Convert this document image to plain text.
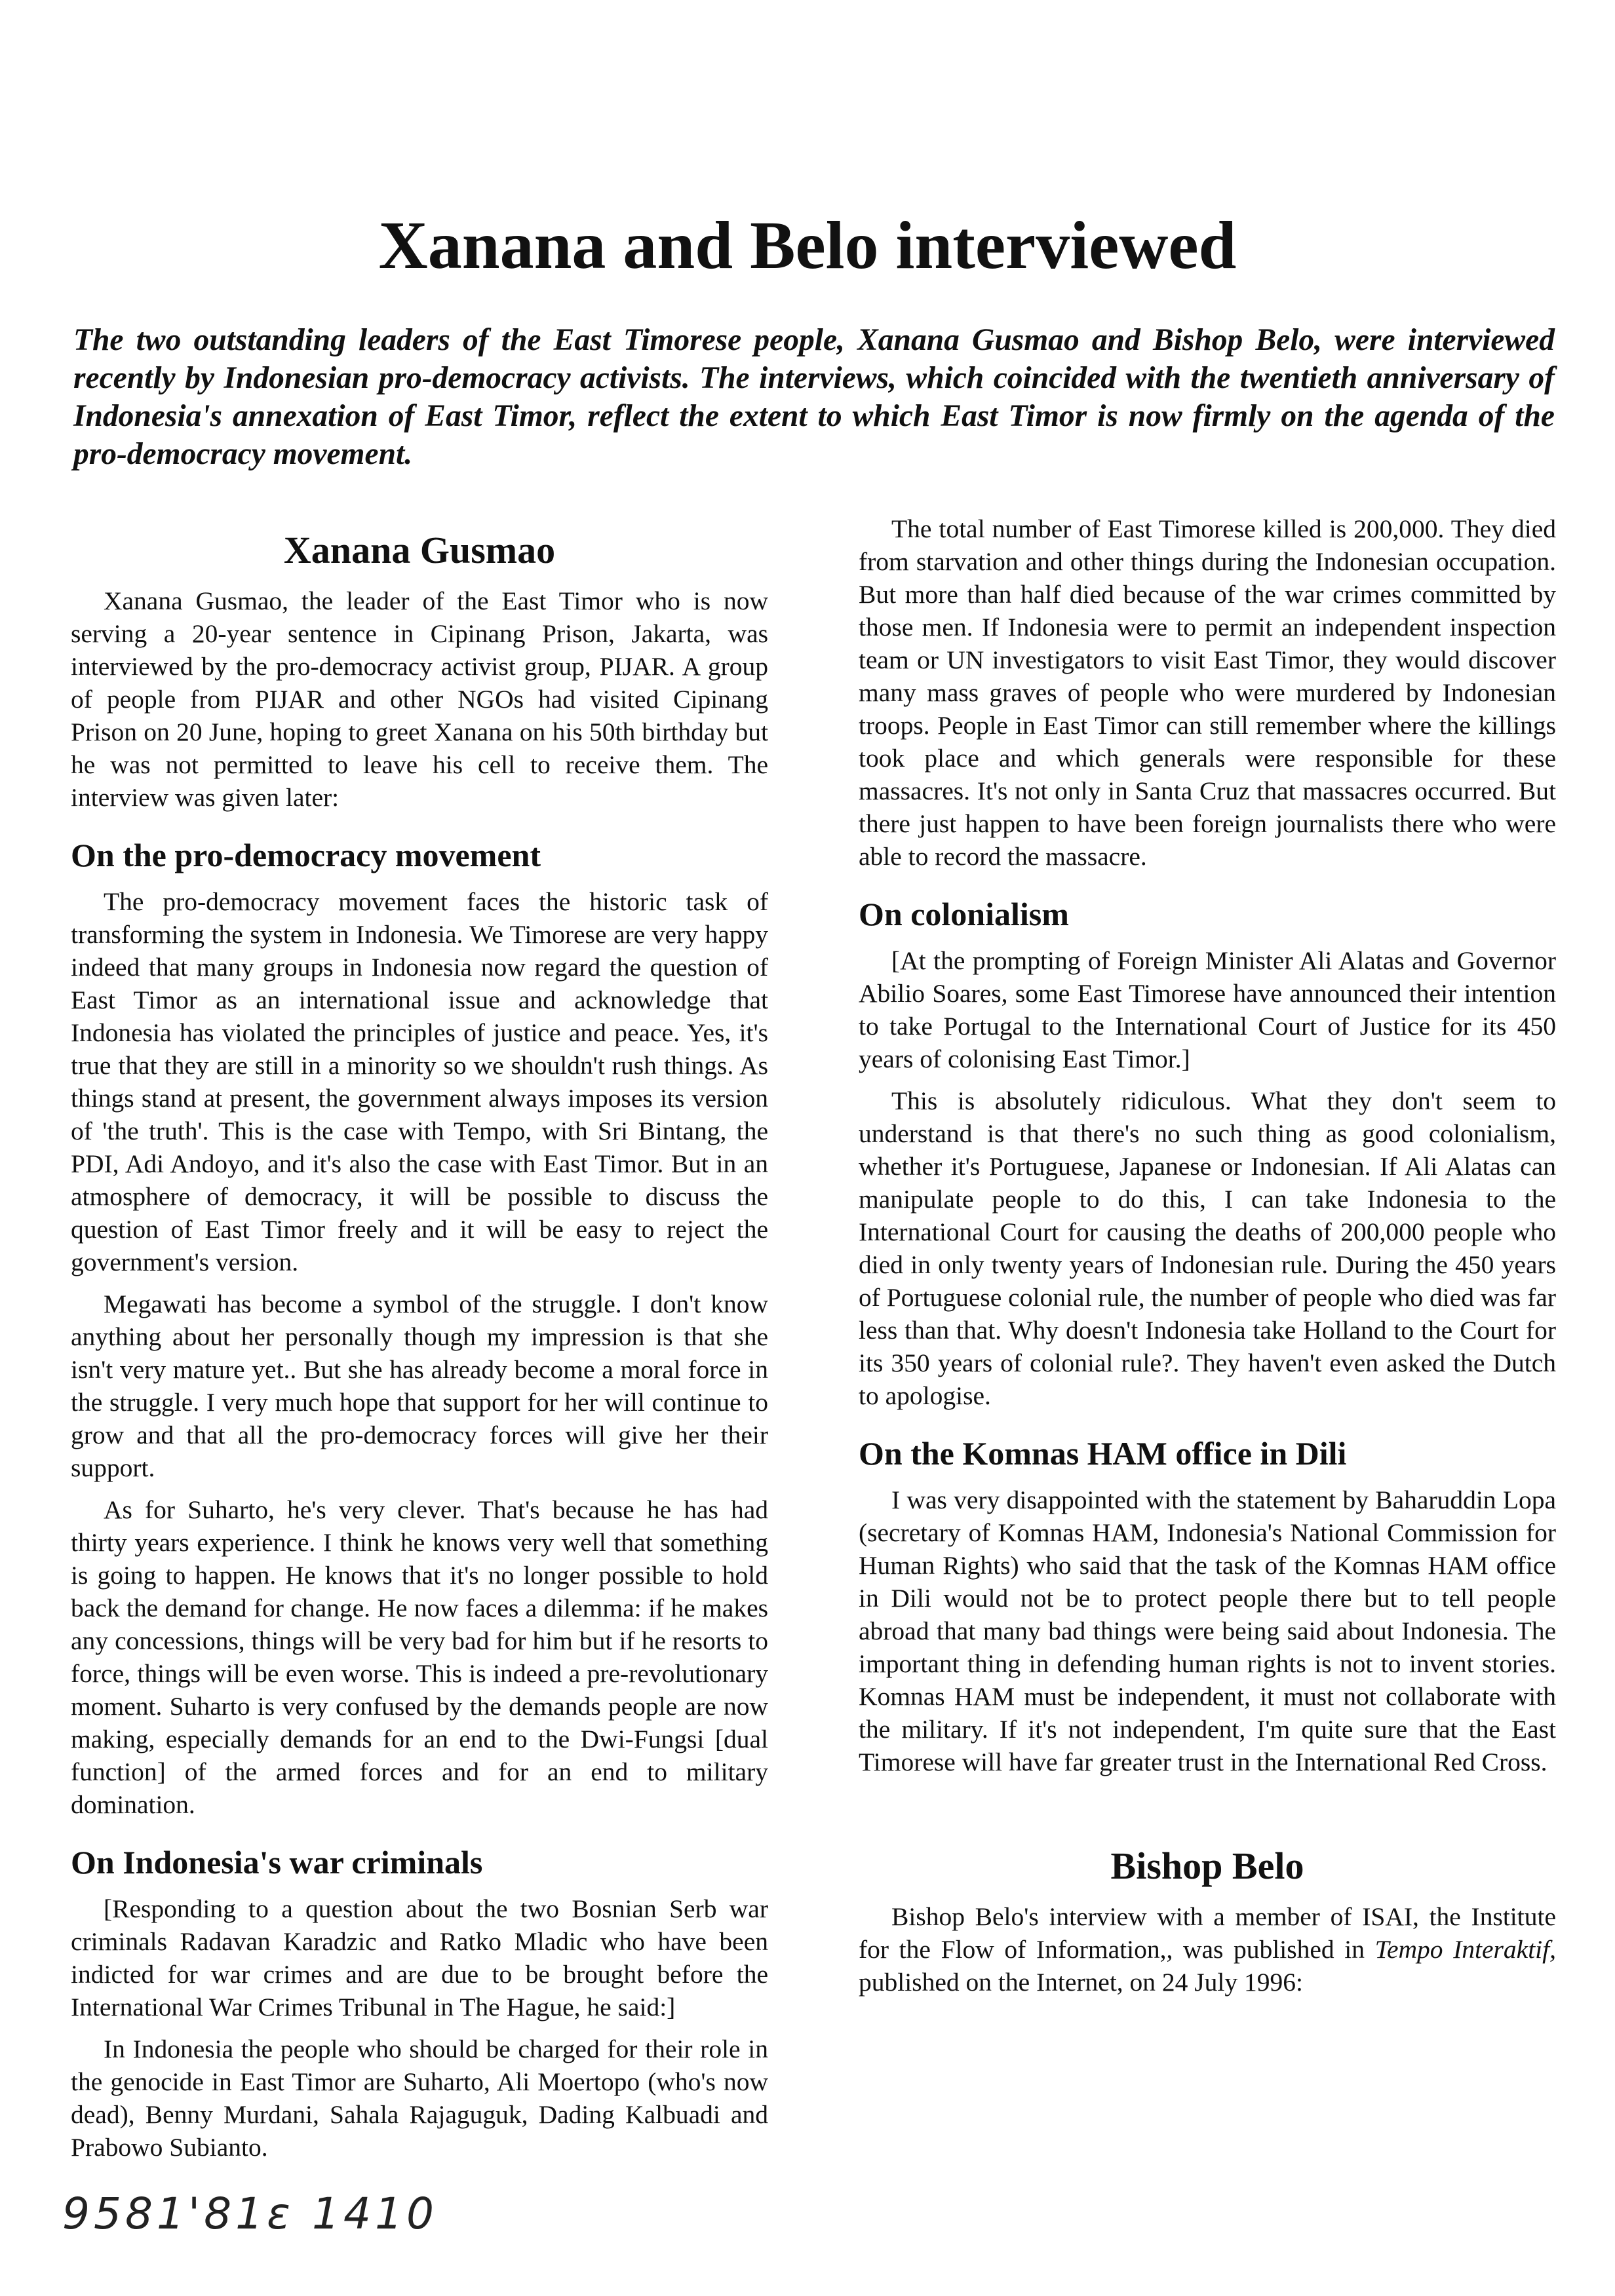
Xanana and Belo interviewed

The two outstanding leaders of the East Timorese people, Xanana Gusmao and Bishop Belo, were interviewed recently by Indonesian pro-democracy activists. The interviews, which coincided with the twentieth anniversary of Indonesia's annexation of East Timor, reflect the extent to which East Timor is now firmly on the agenda of the pro-democracy movement.

Xanana Gusmao

Xanana Gusmao, the leader of the East Timor who is now serving a 20-year sentence in Cipinang Prison, Jakarta, was interviewed by the pro-democracy activist group, PIJAR. A group of people from PIJAR and other NGOs had visited Cipinang Prison on 20 June, hoping to greet Xanana on his 50th birthday but he was not permitted to leave his cell to receive them. The interview was given later:

On the pro-democracy movement

The pro-democracy movement faces the historic task of transforming the system in Indonesia. We Timorese are very happy indeed that many groups in Indonesia now regard the question of East Timor as an international issue and acknowledge that Indonesia has violated the principles of justice and peace. Yes, it's true that they are still in a minority so we shouldn't rush things. As things stand at present, the government always imposes its version of 'the truth'. This is the case with Tempo, with Sri Bintang, the PDI, Adi Andoyo, and it's also the case with East Timor. But in an atmosphere of democracy, it will be possible to discuss the question of East Timor freely and it will be easy to reject the government's version.

Megawati has become a symbol of the struggle. I don't know anything about her personally though my impression is that she isn't very mature yet.. But she has already become a moral force in the struggle. I very much hope that support for her will continue to grow and that all the pro-democracy forces will give her their support.

As for Suharto, he's very clever. That's because he has had thirty years experience. I think he knows very well that something is going to happen. He knows that it's no longer possible to hold back the demand for change. He now faces a dilemma: if he makes any concessions, things will be very bad for him but if he resorts to force, things will be even worse. This is indeed a pre-revolutionary moment. Suharto is very confused by the demands people are now making, especially demands for an end to the Dwi-Fungsi [dual function] of the armed forces and for an end to military domination.

On Indonesia's war criminals

[Responding to a question about the two Bosnian Serb war criminals Radavan Karadzic and Ratko Mladic who have been indicted for war crimes and are due to be brought before the International War Crimes Tribunal in The Hague, he said:]

In Indonesia the people who should be charged for their role in the genocide in East Timor are Suharto, Ali Moertopo (who's now dead), Benny Murdani, Sahala Rajaguguk, Dading Kalbuadi and Prabowo Subianto.

The total number of East Timorese killed is 200,000. They died from starvation and other things during the Indonesian occupation. But more than half died because of the war crimes committed by those men. If Indonesia were to permit an independent inspection team or UN investigators to visit East Timor, they would discover many mass graves of people who were murdered by Indonesian troops. People in East Timor can still remember where the killings took place and which generals were responsible for these massacres. It's not only in Santa Cruz that massacres occurred. But there just happen to have been foreign journalists there who were able to record the massacre.

On colonialism

[At the prompting of Foreign Minister Ali Alatas and Governor Abilio Soares, some East Timorese have announced their intention to take Portugal to the International Court of Justice for its 450 years of colonising East Timor.]

This is absolutely ridiculous. What they don't seem to understand is that there's no such thing as good colonialism, whether it's Portuguese, Japanese or Indonesian. If Ali Alatas can manipulate people to do this, I can take Indonesia to the International Court for causing the deaths of 200,000 people who died in only twenty years of Indonesian rule. During the 450 years of Portuguese colonial rule, the number of people who died was far less than that. Why doesn't Indonesia take Holland to the Court for its 350 years of colonial rule?. They haven't even asked the Dutch to apologise.

On the Komnas HAM office in Dili

I was very disappointed with the statement by Baharuddin Lopa (secretary of Komnas HAM, Indonesia's National Commission for Human Rights) who said that the task of the Komnas HAM office in Dili would not be to protect people there but to tell people abroad that many bad things were being said about Indonesia. The important thing in defending human rights is not to invent stories. Komnas HAM must be independent, it must not collaborate with the military. If it's not independent, I'm quite sure that the East Timorese will have far greater trust in the International Red Cross.

Bishop Belo

Bishop Belo's interview with a member of ISAI, the Institute for the Flow of Information,, was published in Tempo Interaktif, published on the Internet, on 24 July 1996:

9581'81ɛ 1410
